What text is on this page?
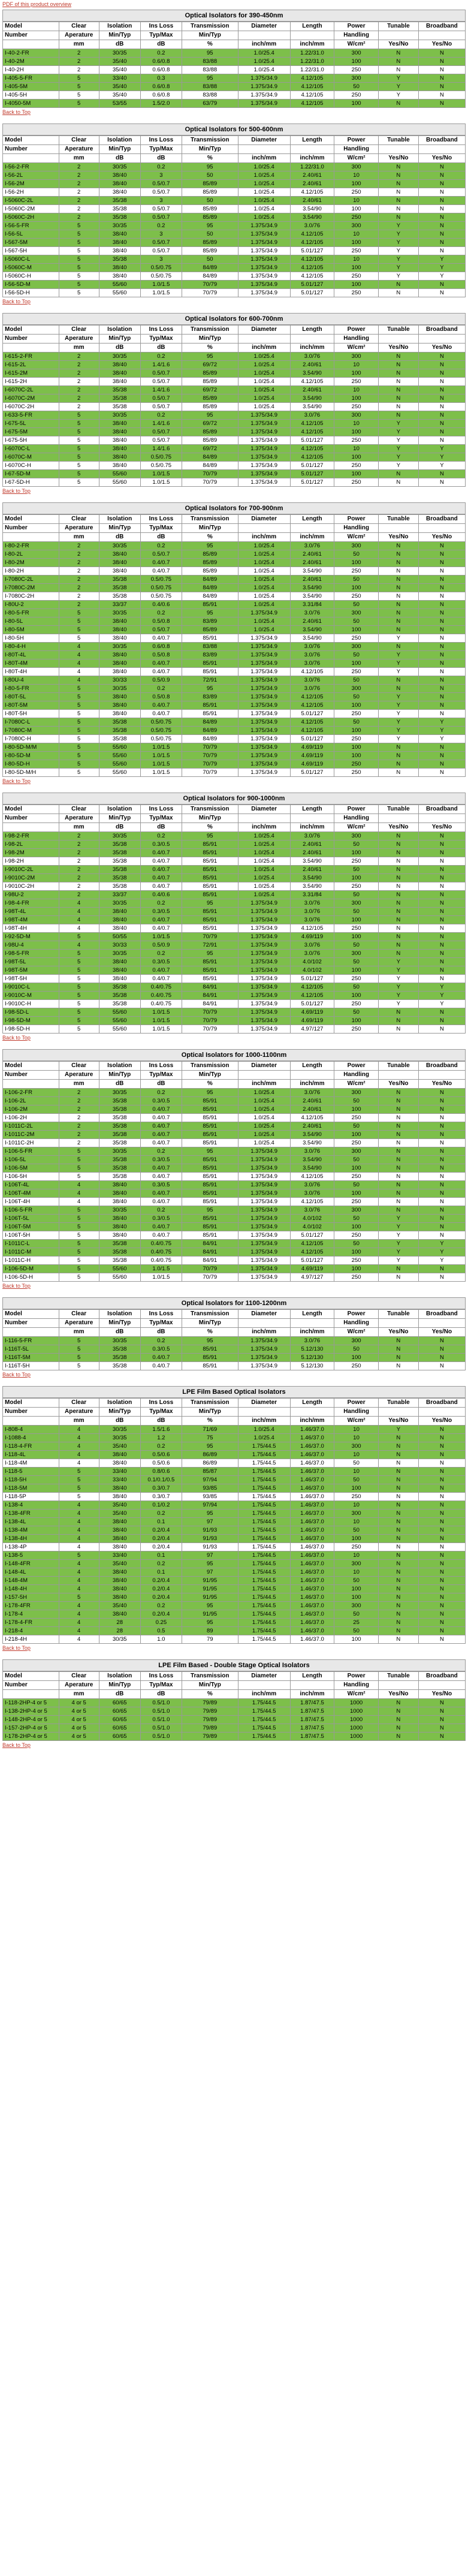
PDF of this product overview
Optical Isolators for 390-450nm
Model	Clear	Isolation	Ins Loss	Transmission	Diameter	Length	Power	Tunable	Broadband
Number	Aperature	Min/Typ	Typ/Max	Min/Typ			Handling		
	mm	dB	dB	%	inch/mm	inch/mm	W/cm²	Yes/No	Yes/No
I-40-2-FR	2	30/35	0.2	95	1.0/25.4	1.22/31.0	300	N	N
I-40-2M	2	35/40	0.6/0.8	83/88	1.0/25.4	1.22/31.0	100	N	N
I-40-2H	2	35/40	0.6/0.8	83/88	1.0/25.4	1.22/31.0	250	N	N
I-405-5-FR	5	33/40	0.3	95	1.375/34.9	4.12/105	300	Y	N
I-405-5M	5	35/40	0.6/0.8	83/88	1.375/34.9	4.12/105	50	Y	N
I-405-5H	5	35/40	0.6/0.8	83/88	1.375/34.9	4.12/105	250	Y	N
I-4050-5M	5	53/55	1.5/2.0	63/79	1.375/34.9	4.12/105	100	N	N
Back to Top
Optical Isolators for 500-600nm
Model	Clear	Isolation	Ins Loss	Transmission	Diameter	Length	Power	Tunable	Broadband
Number	Aperature	Min/Typ	Typ/Max	Min/Typ			Handling		
	mm	dB	dB	%	inch/mm	inch/mm	W/cm²	Yes/No	Yes/No
I-56-2-FR	2	30/35	0.2	95	1.0/25.4	1.22/31.0	300	N	N
I-56-2L	2	38/40	3	50	1.0/25.4	2.40/61	10	N	N
I-56-2M	2	38/40	0.5/0.7	85/89	1.0/25.4	2.40/61	100	N	N
I-56-2H	2	38/40	0.5/0.7	85/89	1.0/25.4	4.12/105	250	N	N
I-5060C-2L	2	35/38	3	50	1.0/25.4	2.40/61	10	N	N
I-5060C-2M	2	35/38	0.5/0.7	85/89	1.0/25.4	3.54/90	100	N	N
I-5060C-2H	2	35/38	0.5/0.7	85/89	1.0/25.4	3.54/90	250	N	N
I-56-5-FR	5	30/35	0.2	95	1.375/34.9	3.0/76	300	Y	N
I-56-5L	5	38/40	3	50	1.375/34.9	4.12/105	10	Y	N
I-567-5M	5	38/40	0.5/0.7	85/89	1.375/34.9	4.12/105	100	Y	N
I-567-5H	5	38/40	0.5/0.7	85/89	1.375/34.9	5.01/127	250	Y	N
I-5060C-L	5	35/38	3	50	1.375/34.9	4.12/105	10	Y	Y
I-5060C-M	5	38/40	0.5/0.75	84/89	1.375/34.9	4.12/105	100	Y	Y
I-5060C-H	5	38/40	0.5/0.75	84/89	1.375/34.9	4.12/105	250	Y	Y
I-56-5D-M	5	55/60	1.0/1.5	70/79	1.375/34.9	5.01/127	100	N	N
I-56-5D-H	5	55/60	1.0/1.5	70/79	1.375/34.9	5.01/127	250	N	N
Back to Top
Optical Isolators for 600-700nm
Model	Clear	Isolation	Ins Loss	Transmission	Diameter	Length	Power	Tunable	Broadband
Number	Aperature	Min/Typ	Typ/Max	Min/Typ			Handling		
	mm	dB	dB	%	inch/mm	inch/mm	W/cm²	Yes/No	Yes/No
I-615-2-FR	2	30/35	0.2	95	1.0/25.4	3.0/76	300	N	N
I-615-2L	2	38/40	1.4/1.6	69/72	1.0/25.4	2.40/61	10	N	N
I-615-2M	2	38/40	0.5/0.7	85/89	1.0/25.4	3.54/90	100	N	N
I-615-2H	2	38/40	0.5/0.7	85/89	1.0/25.4	4.12/105	250	N	N
I-6070C-2L	2	35/38	1.4/1.6	69/72	1.0/25.4	2.40/61	10	N	N
I-6070C-2M	2	35/38	0.5/0.7	85/89	1.0/25.4	3.54/90	100	N	N
I-6070C-2H	2	35/38	0.5/0.7	85/89	1.0/25.4	3.54/90	250	N	N
I-633-5-FR	5	30/35	0.2	95	1.375/34.9	3.0/76	300	N	N
I-675-5L	5	38/40	1.4/1.6	69/72	1.375/34.9	4.12/105	10	Y	N
I-675-5M	5	38/40	0.5/0.7	85/89	1.375/34.9	4.12/105	100	Y	N
I-675-5H	5	38/40	0.5/0.7	85/89	1.375/34.9	5.01/127	250	Y	N
I-6070C-L	5	38/40	1.4/1.6	69/72	1.375/34.9	4.12/105	10	Y	Y
I-6070C-M	5	38/40	0.5/0.75	84/89	1.375/34.9	4.12/105	100	Y	Y
I-6070C-H	5	38/40	0.5/0.75	84/89	1.375/34.9	5.01/127	250	Y	Y
I-67-5D-M	5	55/60	1.0/1.5	70/79	1.375/34.9	5.01/127	100	N	N
I-67-5D-H	5	55/60	1.0/1.5	70/79	1.375/34.9	5.01/127	250	N	N
Back to Top
Optical Isolators for 700-900nm
Model	Clear	Isolation	Ins Loss	Transmission	Diameter	Length	Power	Tunable	Broadband
Number	Aperature	Min/Typ	Typ/Max	Min/Typ			Handling		
	mm	dB	dB	%	inch/mm	inch/mm	W/cm²	Yes/No	Yes/No
I-80-2-FR	2	30/35	0.2	95	1.0/25.4	3.0/76	300	N	N
I-80-2L	2	38/40	0.5/0.7	85/89	1.0/25.4	2.40/61	50	N	N
I-80-2M	2	38/40	0.4/0.7	85/89	1.0/25.4	2.40/61	100	N	N
I-80-2H	2	38/40	0.4/0.7	85/89	1.0/25.4	3.54/90	250	N	N
I-7080C-2L	2	35/38	0.5/0.75	84/89	1.0/25.4	2.40/61	50	N	N
I-7080C-2M	2	35/38	0.5/0.75	84/89	1.0/25.4	3.54/90	100	N	N
I-7080C-2H	2	35/38	0.5/0.75	84/89	1.0/25.4	3.54/90	250	N	N
I-80U-2	2	33/37	0.4/0.6	85/91	1.0/25.4	3.31/84	50	N	N
I-80-5-FR	5	30/35	0.2	95	1.375/34.9	3.0/76	300	N	N
I-80-5L	5	38/40	0.5/0.8	83/89	1.0/25.4	2.40/61	50	N	N
I-80-5M	5	38/40	0.5/0.7	85/89	1.0/25.4	3.54/90	100	N	N
I-80-5H	5	38/40	0.4/0.7	85/91	1.375/34.9	3.54/90	250	Y	N
I-80-4-H	4	30/35	0.6/0.8	83/88	1.375/34.9	3.0/76	300	N	N
I-80T-4L	4	38/40	0.5/0.8	83/89	1.375/34.9	3.0/76	50	Y	N
I-80T-4M	4	38/40	0.4/0.7	85/91	1.375/34.9	3.0/76	100	Y	N
I-80T-4H	4	38/40	0.4/0.7	85/91	1.375/34.9	4.12/105	250	Y	N
I-80U-4	4	30/33	0.5/0.9	72/91	1.375/34.9	3.0/76	50	N	N
I-80-5-FR	5	30/35	0.2	95	1.375/34.9	3.0/76	300	N	N
I-80T-5L	5	38/40	0.5/0.8	83/89	1.375/34.9	4.12/105	50	Y	N
I-80T-5M	5	38/40	0.4/0.7	85/91	1.375/34.9	4.12/105	100	Y	N
I-80T-5H	5	38/40	0.4/0.7	85/91	1.375/34.9	5.01/127	250	Y	N
I-7080C-L	5	35/38	0.5/0.75	84/89	1.375/34.9	4.12/105	50	Y	Y
I-7080C-M	5	35/38	0.5/0.75	84/89	1.375/34.9	4.12/105	100	Y	Y
I-7080C-H	5	35/38	0.5/0.75	84/89	1.375/34.9	5.01/127	250	Y	Y
I-80-5D-M/M	5	55/60	1.0/1.5	70/79	1.375/34.9	4.69/119	100	N	N
I-80-5D-M	5	55/60	1.0/1.5	70/79	1.375/34.9	4.69/119	100	N	N
I-80-5D-H	5	55/60	1.0/1.5	70/79	1.375/34.9	4.69/119	250	N	N
I-80-5D-M/H	5	55/60	1.0/1.5	70/79	1.375/34.9	5.01/127	250	N	N
Back to Top
Optical Isolators for 900-1000nm
Model	Clear	Isolation	Ins Loss	Transmission	Diameter	Length	Power	Tunable	Broadband
Number	Aperature	Min/Typ	Typ/Max	Min/Typ			Handling		
	mm	dB	dB	%	inch/mm	inch/mm	W/cm²	Yes/No	Yes/No
I-98-2-FR	2	30/35	0.2	95	1.0/25.4	3.0/76	300	N	N
I-98-2L	2	35/38	0.3/0.5	85/91	1.0/25.4	2.40/61	50	N	N
I-98-2M	2	35/38	0.4/0.7	85/91	1.0/25.4	2.40/61	100	N	N
I-98-2H	2	35/38	0.4/0.7	85/91	1.0/25.4	3.54/90	250	N	N
I-9010C-2L	2	35/38	0.4/0.7	85/91	1.0/25.4	2.40/61	50	N	N
I-9010C-2M	2	35/38	0.4/0.7	85/91	1.0/25.4	3.54/90	100	N	N
I-9010C-2H	2	35/38	0.4/0.7	85/91	1.0/25.4	3.54/90	250	N	N
I-98U-2	2	33/37	0.4/0.6	85/91	1.0/25.4	3.31/84	50	N	N
I-98-4-FR	4	30/35	0.2	95	1.375/34.9	3.0/76	300	N	N
I-98T-4L	4	38/40	0.3/0.5	85/91	1.375/34.9	3.0/76	50	N	N
I-98T-4M	4	38/40	0.4/0.7	85/91	1.375/34.9	3.0/76	100	N	N
I-98T-4H	4	38/40	0.4/0.7	85/91	1.375/34.9	4.12/105	250	N	N
I-92-5D-M	5	50/55	1.0/1.5	70/79	1.375/34.9	4.69/119	100	N	N
I-98U-4	4	30/33	0.5/0.9	72/91	1.375/34.9	3.0/76	50	N	N
I-98-5-FR	5	30/35	0.2	95	1.375/34.9	3.0/76	300	N	N
I-98T-5L	5	38/40	0.3/0.5	85/91	1.375/34.9	4.0/102	50	Y	N
I-98T-5M	5	38/40	0.4/0.7	85/91	1.375/34.9	4.0/102	100	Y	N
I-98T-5H	5	38/40	0.4/0.7	85/91	1.375/34.9	5.01/127	250	Y	N
I-9010C-L	5	35/38	0.4/0.75	84/91	1.375/34.9	4.12/105	50	Y	Y
I-9010C-M	5	35/38	0.4/0.75	84/91	1.375/34.9	4.12/105	100	Y	Y
I-9010C-H	5	35/38	0.4/0.75	84/91	1.375/34.9	5.01/127	250	Y	Y
I-98-5D-L	5	55/60	1.0/1.5	70/79	1.375/34.9	4.69/119	50	N	N
I-98-5D-M	5	55/60	1.0/1.5	70/79	1.375/34.9	4.69/119	100	N	N
I-98-5D-H	5	55/60	1.0/1.5	70/79	1.375/34.9	4.97/127	250	N	N
Back to Top
Optical Isolators for 1000-1100nm
Model	Clear	Isolation	Ins Loss	Transmission	Diameter	Length	Power	Tunable	Broadband
Number	Aperature	Min/Typ	Typ/Max	Min/Typ			Handling		
	mm	dB	dB	%	inch/mm	inch/mm	W/cm²	Yes/No	Yes/No
I-106-2-FR	2	30/35	0.2	95	1.0/25.4	3.0/76	300	N	N
I-106-2L	2	35/38	0.3/0.5	85/91	1.0/25.4	2.40/61	50	N	N
I-106-2M	2	35/38	0.4/0.7	85/91	1.0/25.4	2.40/61	100	N	N
I-106-2H	2	35/38	0.4/0.7	85/91	1.0/25.4	4.12/105	250	N	N
I-1011C-2L	2	35/38	0.4/0.7	85/91	1.0/25.4	2.40/61	50	N	N
I-1011C-2M	2	35/38	0.4/0.7	85/91	1.0/25.4	3.54/90	100	N	N
I-1011C-2H	2	35/38	0.4/0.7	85/91	1.0/25.4	3.54/90	250	N	N
I-106-5-FR	5	30/35	0.2	95	1.375/34.9	3.0/76	300	N	N
I-106-5L	5	35/38	0.3/0.5	85/91	1.375/34.9	3.54/90	50	N	N
I-106-5M	5	35/38	0.4/0.7	85/91	1.375/34.9	3.54/90	100	N	N
I-106-5H	5	35/38	0.4/0.7	85/91	1.375/34.9	4.12/105	250	N	N
I-106T-4L	4	38/40	0.3/0.5	85/91	1.375/34.9	3.0/76	50	N	N
I-106T-4M	4	38/40	0.4/0.7	85/91	1.375/34.9	3.0/76	100	N	N
I-106T-4H	4	38/40	0.4/0.7	85/91	1.375/34.9	4.12/105	250	N	N
I-106-5-FR	5	30/35	0.2	95	1.375/34.9	3.0/76	300	N	N
I-106T-5L	5	38/40	0.3/0.5	85/91	1.375/34.9	4.0/102	50	Y	N
I-106T-5M	5	38/40	0.4/0.7	85/91	1.375/34.9	4.0/102	100	Y	N
I-106T-5H	5	38/40	0.4/0.7	85/91	1.375/34.9	5.01/127	250	Y	N
I-1011C-L	5	35/38	0.4/0.75	84/91	1.375/34.9	4.12/105	50	Y	Y
I-1011C-M	5	35/38	0.4/0.75	84/91	1.375/34.9	4.12/105	100	Y	Y
I-1011C-H	5	35/38	0.4/0.75	84/91	1.375/34.9	5.01/127	250	Y	Y
I-106-5D-M	5	55/60	1.0/1.5	70/79	1.375/34.9	4.69/119	100	N	N
I-106-5D-H	5	55/60	1.0/1.5	70/79	1.375/34.9	4.97/127	250	N	N
Back to Top
Optical Isolators for 1100-1200nm
Model	Clear	Isolation	Ins Loss	Transmission	Diameter	Length	Power	Tunable	Broadband
Number	Aperature	Min/Typ	Typ/Max	Min/Typ			Handling		
	mm	dB	dB	%	inch/mm	inch/mm	W/cm²	Yes/No	Yes/No
I-116-5-FR	5	30/35	0.2	95	1.375/34.9	3.0/76	300	N	N
I-116T-5L	5	35/38	0.3/0.5	85/91	1.375/34.9	5.12/130	50	N	N
I-116T-5M	5	35/38	0.4/0.7	85/91	1.375/34.9	5.12/130	100	N	N
I-116T-5H	5	35/38	0.4/0.7	85/91	1.375/34.9	5.12/130	250	N	N
Back to Top
LPE Film Based Optical Isolators
Model	Clear	Isolation	Ins Loss	Transmission	Diameter	Length	Power	Tunable	Broadband
Number	Aperature	Min/Typ	Typ/Max	Min/Typ			Handling		
	mm	dB	dB	%	inch/mm	inch/mm	W/cm²	Yes/No	Yes/No
I-808-4	4	30/35	1.5/1.6	71/69	1.0/25.4	1.46/37.0	10	Y	N
I-1088-4	4	30/35	1.2	75	1.0/25.4	1.46/37.0	10	N	N
I-118-4-FR	4	35/40	0.2	95	1.75/44.5	1.46/37.0	300	N	N
I-118-4L	4	38/40	0.5/0.6	86/89	1.75/44.5	1.46/37.0	10	N	N
I-118-4M	4	38/40	0.5/0.6	86/89	1.75/44.5	1.46/37.0	50	N	N
I-118-5	5	33/40	0.8/0.6	85/87	1.75/44.5	1.46/37.0	10	N	N
I-118-5H	5	33/40	0.1/0.1/0.5	97/94	1.75/44.5	1.46/37.0	50	N	N
I-118-5M	5	38/40	0.3/0.7	93/85	1.75/44.5	1.46/37.0	100	N	N
I-118-5P	5	38/40	0.3/0.7	93/85	1.75/44.5	1.46/37.0	250	N	N
I-138-4	4	35/40	0.1/0.2	97/94	1.75/44.5	1.46/37.0	10	N	N
I-138-4FR	4	35/40	0.2	95	1.75/44.5	1.46/37.0	300	N	N
I-138-4L	4	38/40	0.1	97	1.75/44.5	1.46/37.0	10	N	N
I-138-4M	4	38/40	0.2/0.4	91/93	1.75/44.5	1.46/37.0	50	N	N
I-138-4H	4	38/40	0.2/0.4	91/93	1.75/44.5	1.46/37.0	100	N	N
I-138-4P	4	38/40	0.2/0.4	91/93	1.75/44.5	1.46/37.0	250	N	N
I-138-5	5	33/40	0.1	97	1.75/44.5	1.46/37.0	10	N	N
I-148-4FR	4	35/40	0.2	95	1.75/44.5	1.46/37.0	300	N	N
I-148-4L	4	38/40	0.1	97	1.75/44.5	1.46/37.0	10	N	N
I-148-4M	4	38/40	0.2/0.4	91/95	1.75/44.5	1.46/37.0	50	N	N
I-148-4H	4	38/40	0.2/0.4	91/95	1.75/44.5	1.46/37.0	100	N	N
I-157-5H	5	38/40	0.2/0.4	91/95	1.75/44.5	1.46/37.0	100	N	N
I-178-4FR	4	35/40	0.2	95	1.75/44.5	1.46/37.0	300	N	N
I-178-4	4	38/40	0.2/0.4	91/95	1.75/44.5	1.46/37.0	50	N	N
I-178-4-FR	4	28	0.25	95	1.75/44.5	1.46/37.0	25	N	N
I-218-4	4	28	0.5	89	1.75/44.5	1.46/37.0	50	N	N
I-218-4H	4	30/35	1.0	79	1.75/44.5	1.46/37.0	100	N	N
Back to Top
LPE Film Based - Double Stage Optical Isolators
Model	Clear	Isolation	Ins Loss	Transmission	Diameter	Length	Power	Tunable	Broadband
Number	Aperature	Min/Typ	Typ/Max	Min/Typ			Handling		
	mm	dB	dB	%	inch/mm	inch/mm	W/cm²	Yes/No	Yes/No
I-118-2HP-4 or 5	4 or 5	60/65	0.5/1.0	79/89	1.75/44.5	1.87/47.5	1000	N	N
I-138-2HP-4 or 5	4 or 5	60/65	0.5/1.0	79/89	1.75/44.5	1.87/47.5	1000	N	N
I-148-2HP-4 or 5	4 or 5	60/65	0.5/1.0	79/89	1.75/44.5	1.87/47.5	1000	N	N
I-157-2HP-4 or 5	4 or 5	60/65	0.5/1.0	79/89	1.75/44.5	1.87/47.5	1000	N	N
I-178-2HP-4 or 5	4 or 5	60/65	0.5/1.0	79/89	1.75/44.5	1.87/47.5	1000	N	N
Back to Top
